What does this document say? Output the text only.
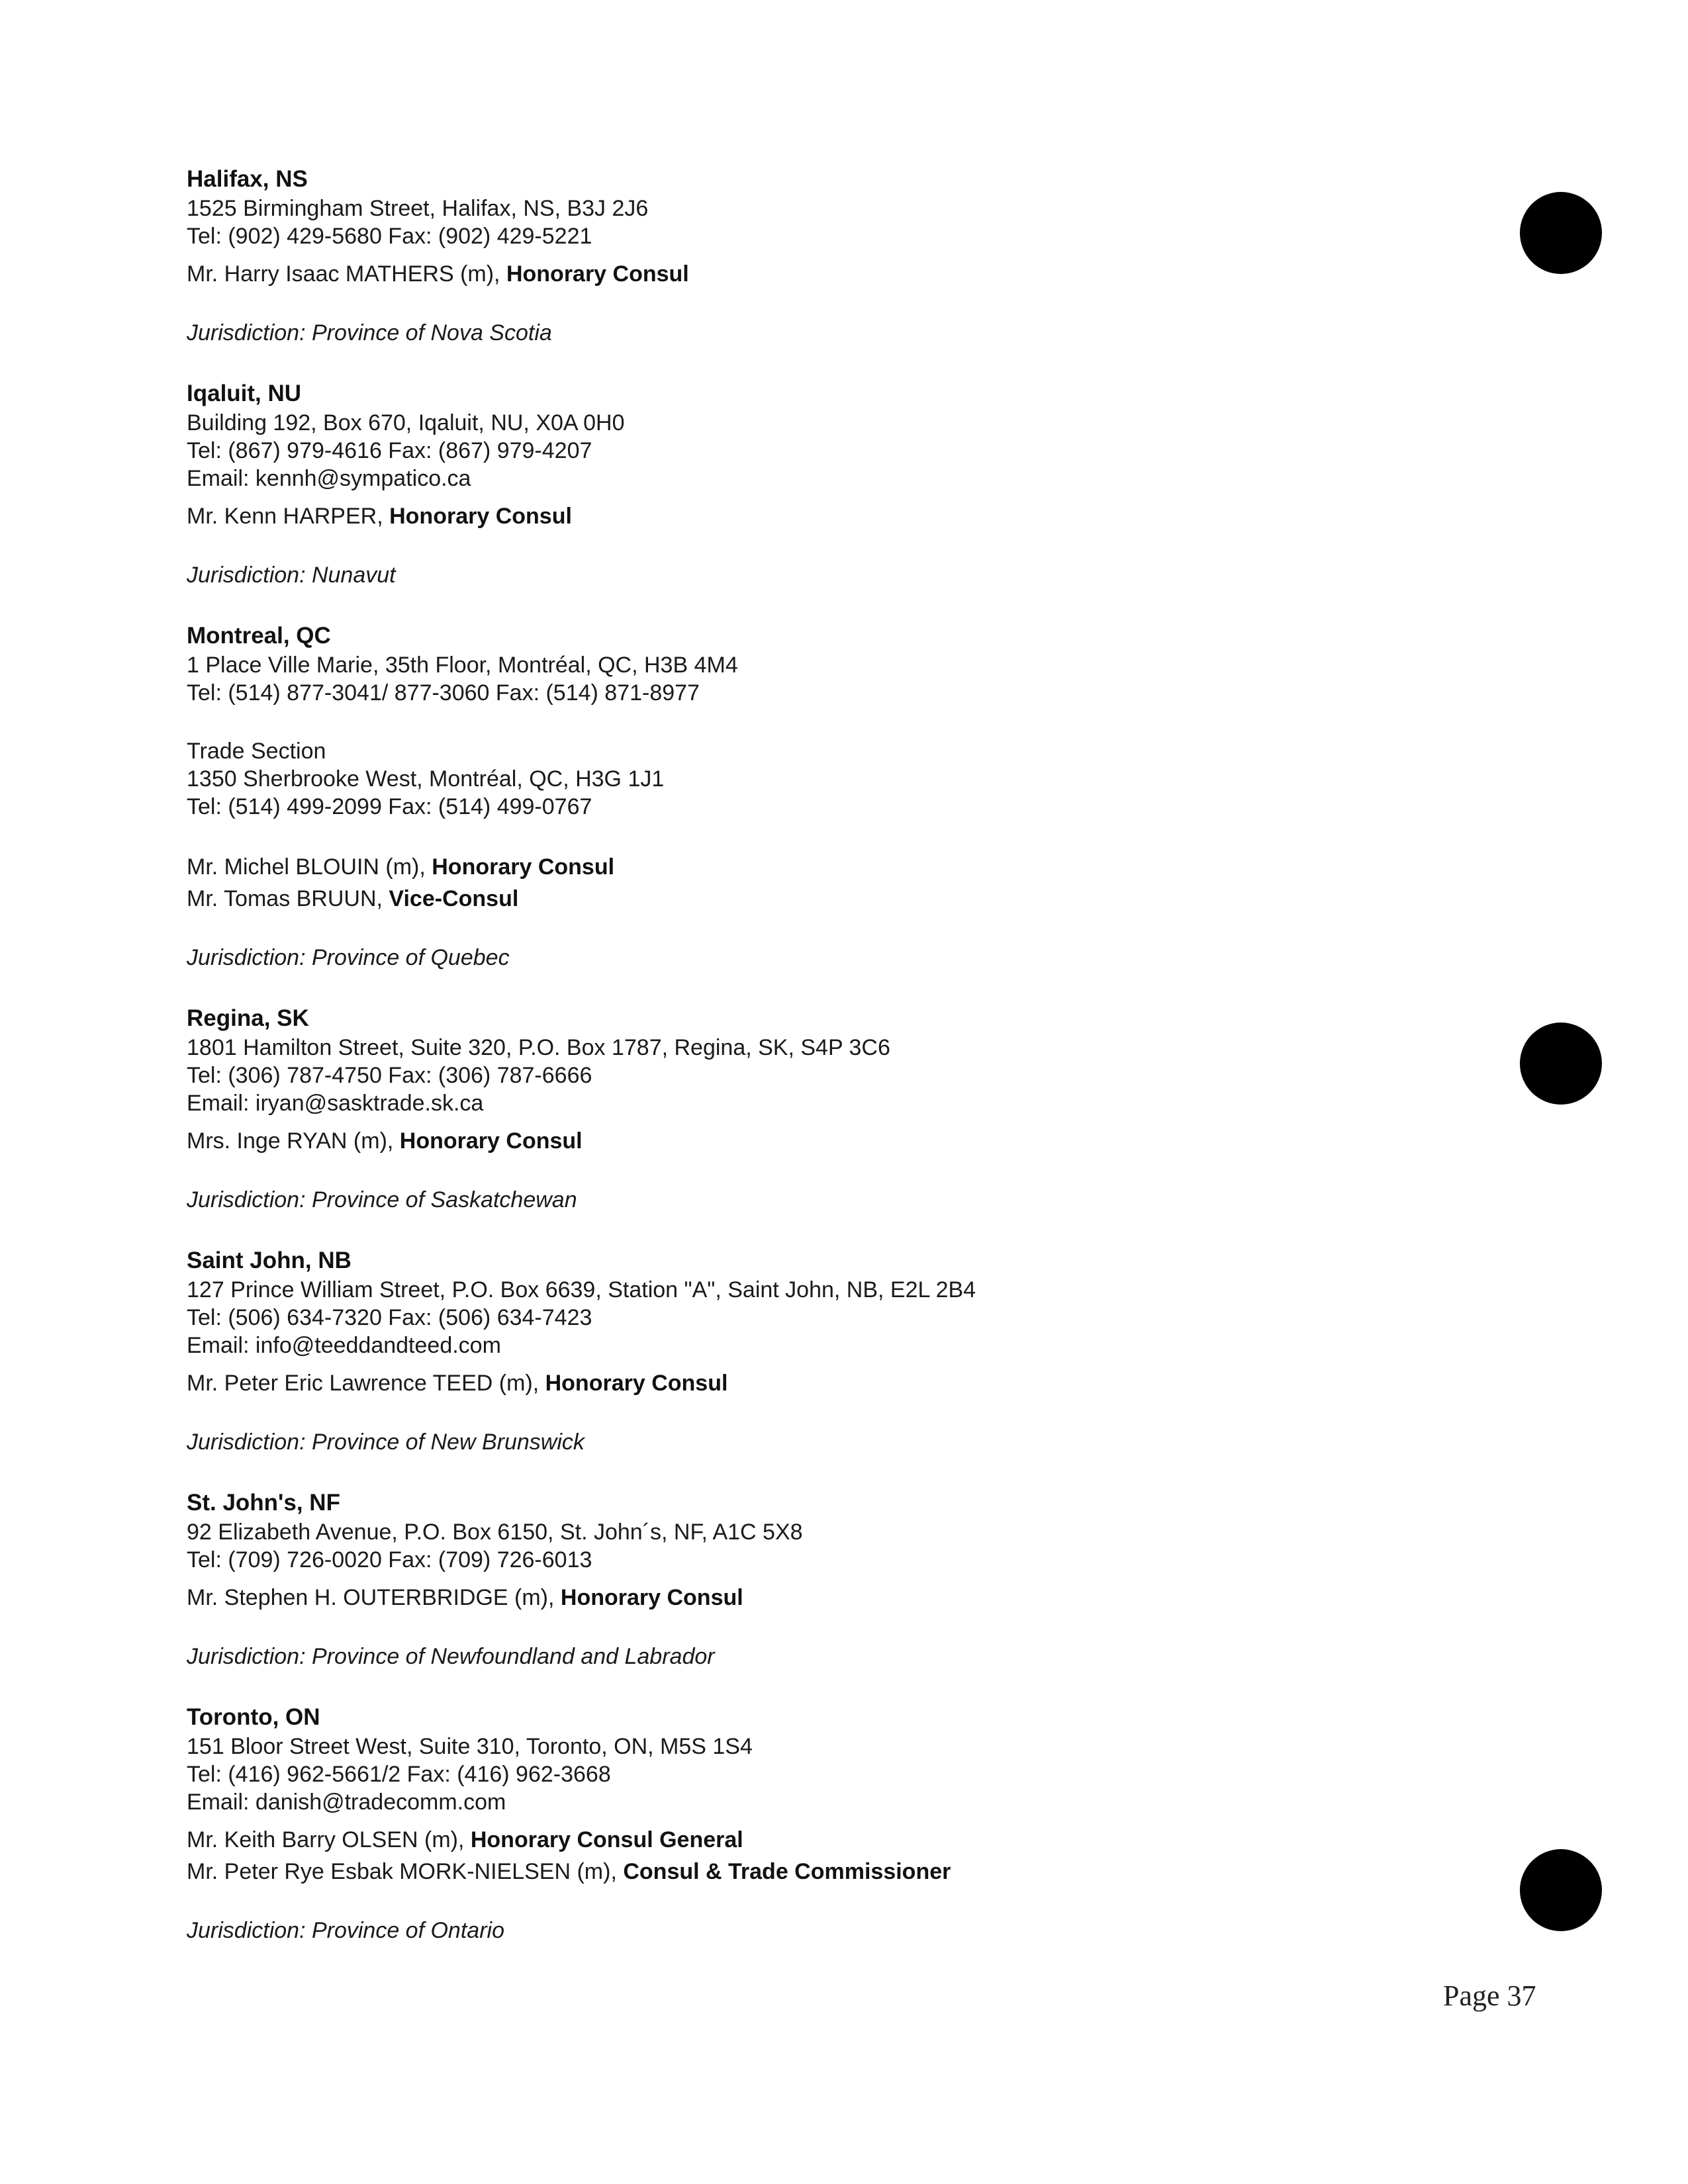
Halifax, NS
1525 Birmingham Street, Halifax, NS, B3J 2J6
Tel: (902) 429-5680 Fax: (902) 429-5221
Mr. Harry Isaac MATHERS (m), Honorary Consul
Jurisdiction: Province of Nova Scotia
Iqaluit, NU
Building 192, Box 670, Iqaluit, NU, X0A 0H0
Tel: (867) 979-4616 Fax: (867) 979-4207
Email: kennh@sympatico.ca
Mr. Kenn HARPER, Honorary Consul
Jurisdiction: Nunavut
Montreal, QC
1 Place Ville Marie, 35th Floor, Montréal, QC, H3B 4M4
Tel: (514) 877-3041/ 877-3060 Fax: (514) 871-8977
Trade Section
1350 Sherbrooke West, Montréal, QC, H3G 1J1
Tel: (514) 499-2099 Fax: (514) 499-0767
Mr. Michel BLOUIN (m), Honorary Consul
Mr. Tomas BRUUN, Vice-Consul
Jurisdiction: Province of Quebec
Regina, SK
1801 Hamilton Street, Suite 320, P.O. Box 1787, Regina, SK, S4P 3C6
Tel: (306) 787-4750 Fax: (306) 787-6666
Email: iryan@sasktrade.sk.ca
Mrs. Inge RYAN (m), Honorary Consul
Jurisdiction: Province of Saskatchewan
Saint John, NB
127 Prince William Street, P.O. Box 6639, Station "A", Saint John, NB, E2L 2B4
Tel: (506) 634-7320 Fax: (506) 634-7423
Email: info@teeddandteed.com
Mr. Peter Eric Lawrence TEED (m), Honorary Consul
Jurisdiction: Province of New Brunswick
St. John's, NF
92 Elizabeth Avenue, P.O. Box 6150, St. John´s, NF, A1C 5X8
Tel: (709) 726-0020 Fax: (709) 726-6013
Mr. Stephen H. OUTERBRIDGE (m), Honorary Consul
Jurisdiction: Province of Newfoundland and Labrador
Toronto, ON
151 Bloor Street West, Suite 310, Toronto, ON, M5S 1S4
Tel: (416) 962-5661/2 Fax: (416) 962-3668
Email: danish@tradecomm.com
Mr. Keith Barry OLSEN (m), Honorary Consul General
Mr. Peter Rye Esbak MORK-NIELSEN (m), Consul & Trade Commissioner
Jurisdiction: Province of Ontario
Page 37
